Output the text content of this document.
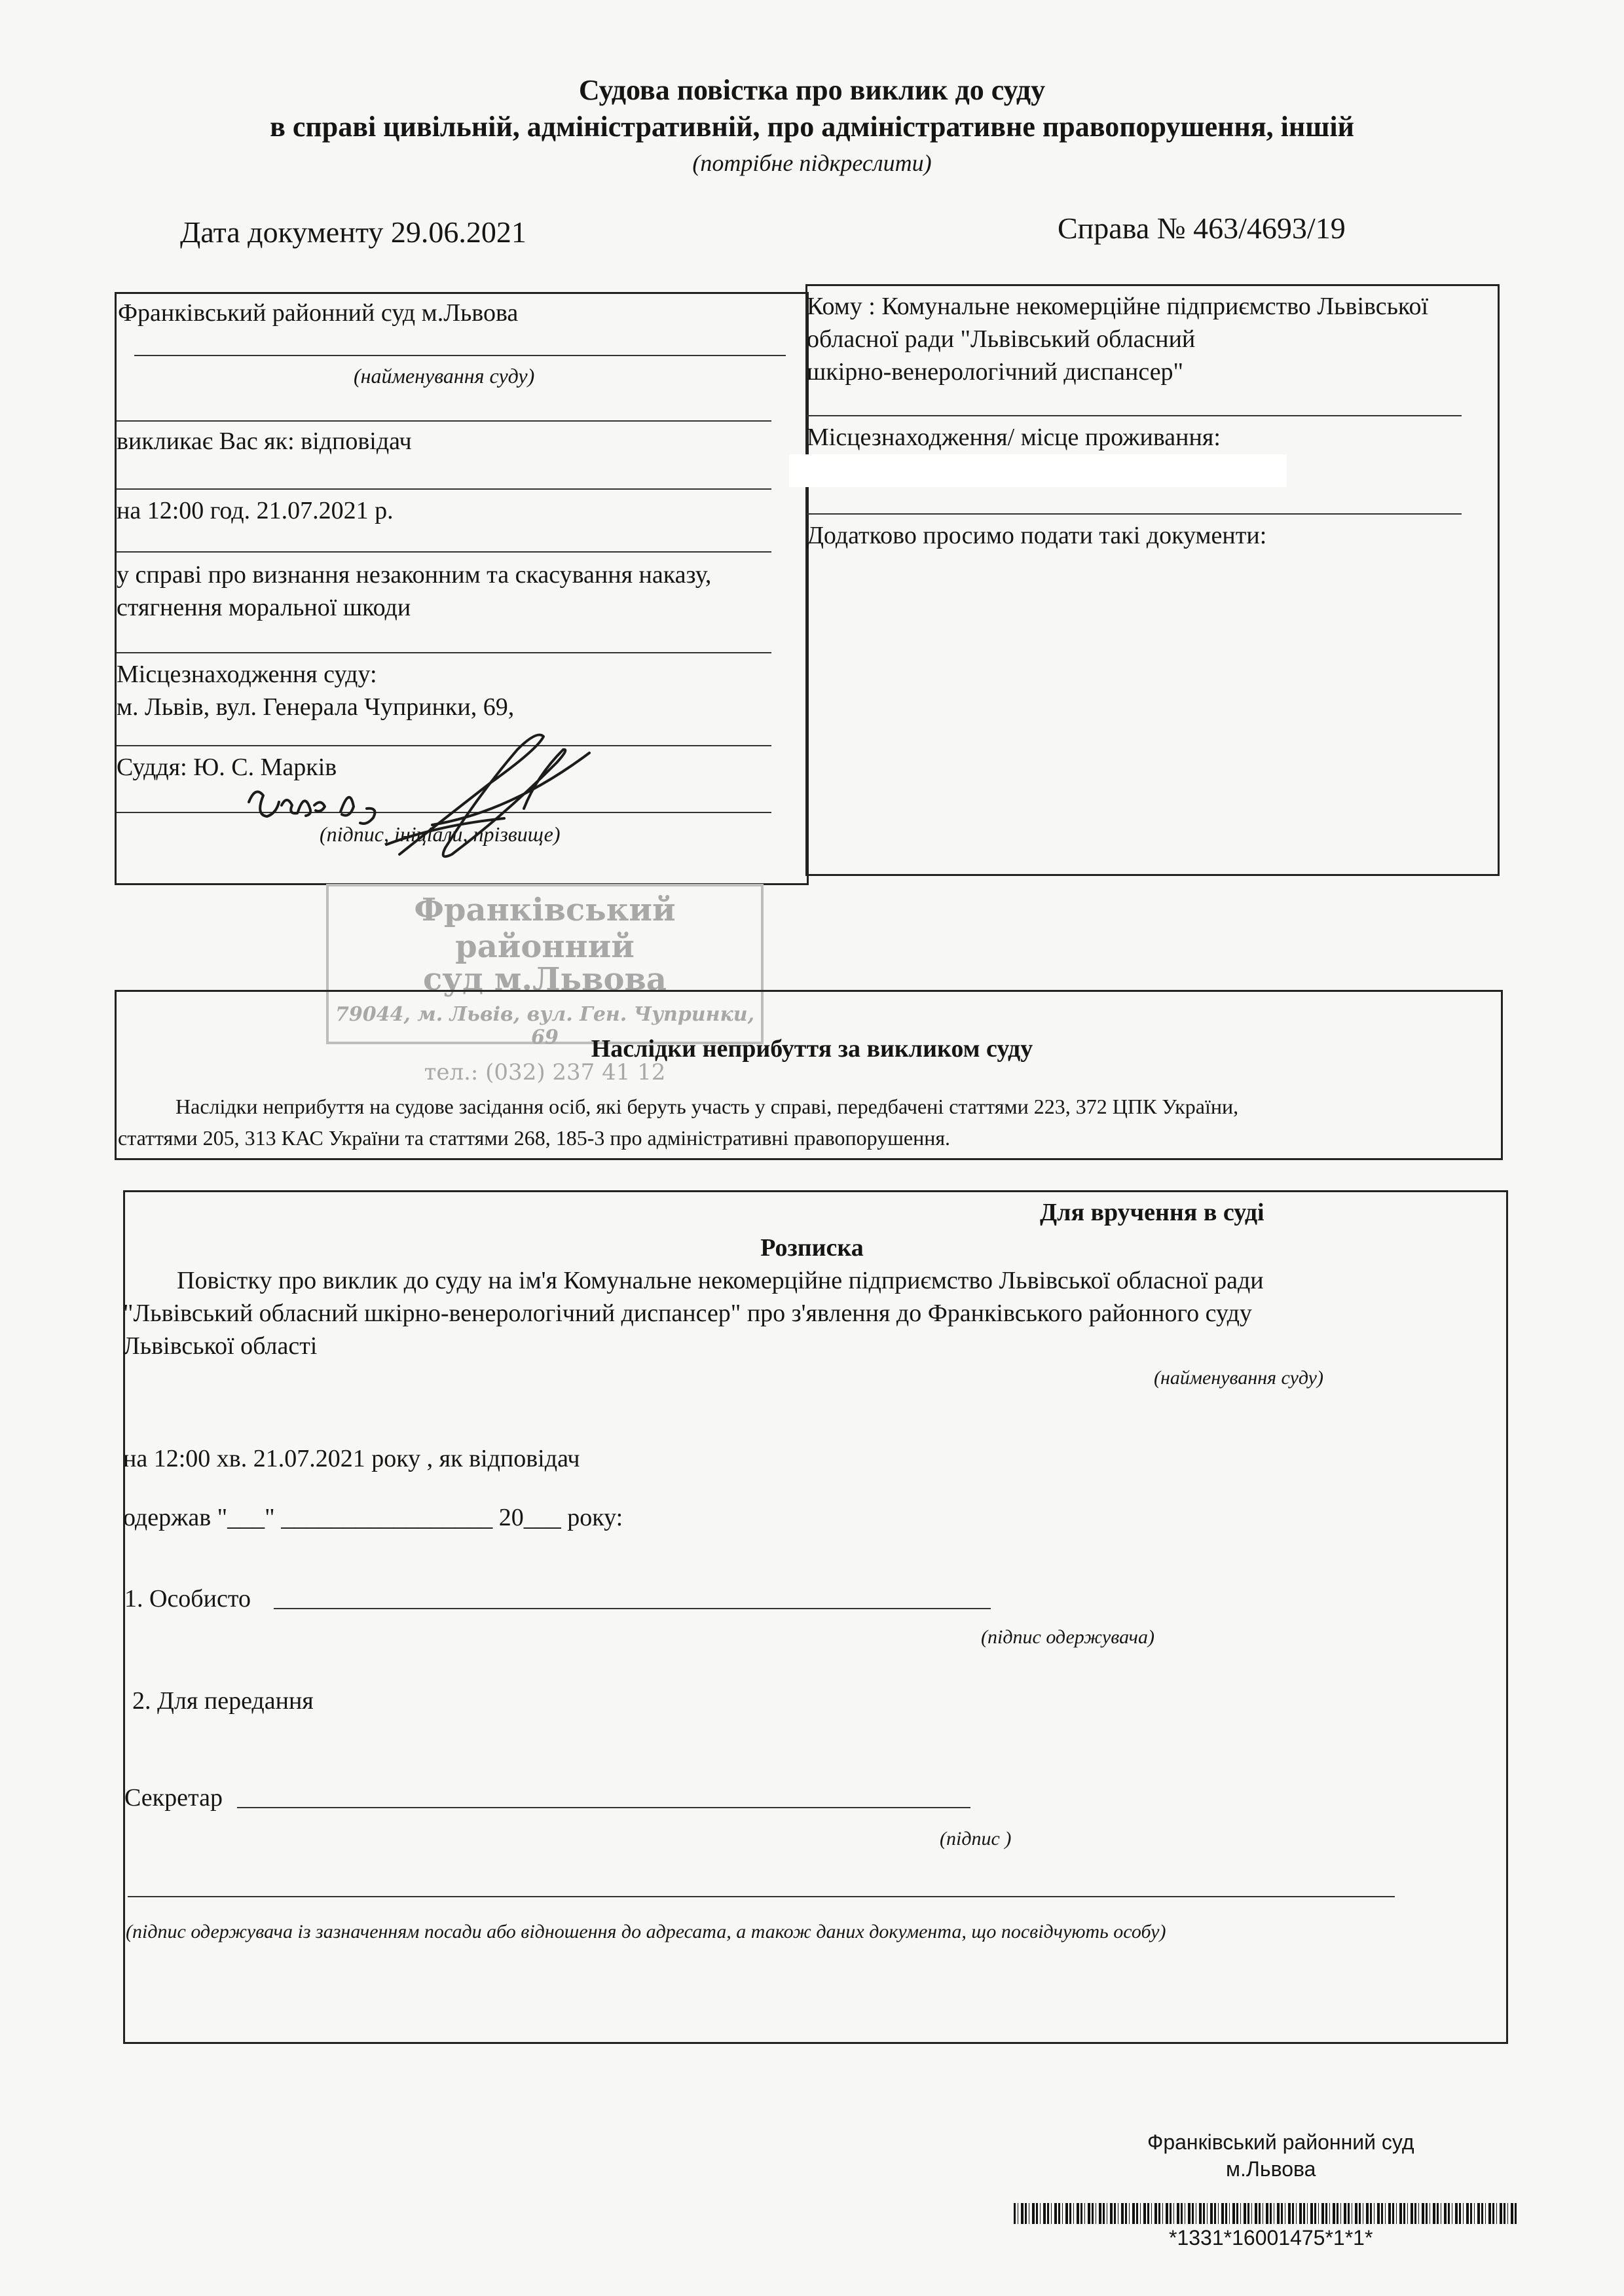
Судова повістка про виклик до суду
в справі цивільній, адміністративній, про адміністративне правопорушення, іншій
(потрібне підкреслити)
Дата документу 29.06.2021	Справа № 463/4693/19
Франківський районний суд м.Львова
(найменування суду)
викликає Вас як: відповідач
на 12:00 год. 21.07.2021 р.
у справі про визнання незаконним та скасування наказу,
стягнення моральної шкоди
Місцезнаходження суду:
м. Львів, вул. Генерала Чупринки, 69,
Суддя: Ю. С. Марків
(підпис, ініціали, прізвище)
Кому : Комунальне некомерційне підприємство Львівської
обласної ради "Львівський обласний
шкірно-венерологічний диспансер"
Місцезнаходження/ місце проживання:
Додатково просимо подати такі документи:
Франківський районний
суд м.Львова
79044, м. Львів, вул. Ген. Чупринки, 69
тел.: (032) 237 41 12
Наслідки неприбуття за викликом суду
Наслідки неприбуття на судове засідання осіб, які беруть участь у справі, передбачені статтями 223, 372 ЦПК України,
статтями 205, 313 КАС України та статтями 268, 185-3 про адміністративні правопорушення.
Для вручення в суді
Розписка
Повістку про виклик до суду на ім'я Комунальне некомерційне підприємство Львівської обласної ради
"Львівський обласний шкірно-венерологічний диспансер" про з'явлення до Франківського районного суду
Львівської області
(найменування суду)
на 12:00 хв. 21.07.2021 року , як відповідач
одержав "___" _________________ 20___ року:
1. Особисто
(підпис одержувача)
2. Для передання
Секретар
(підпис )
(підпис одержувача із зазначенням посади або відношення до адресата, а також даних документа, що посвідчують особу)
Франківський районний суд
м.Львова
*1331*16001475*1*1*
